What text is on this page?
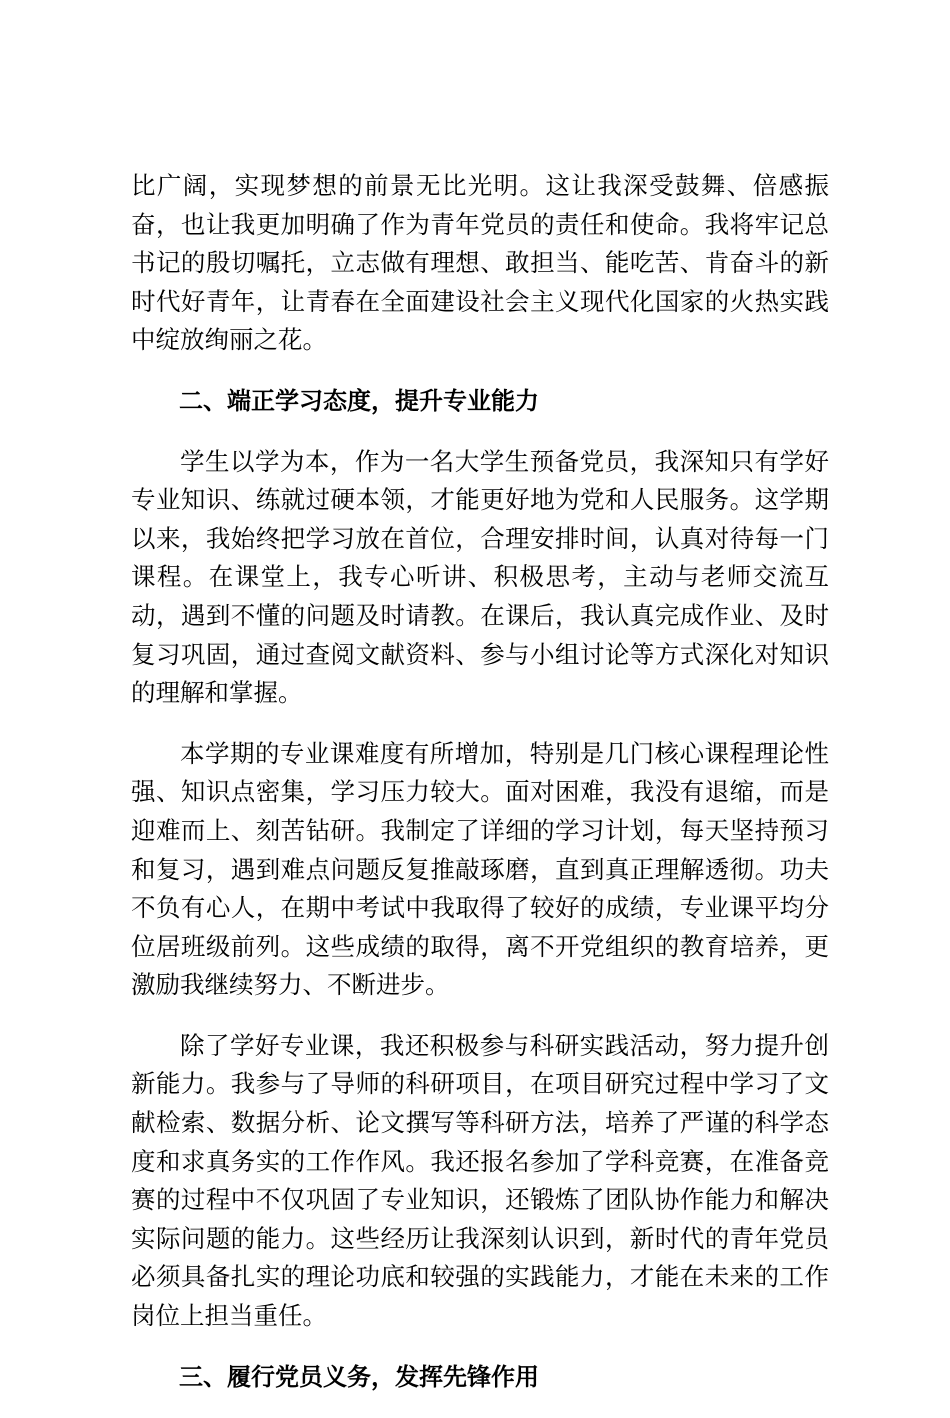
比广阔，实现梦想的前景无比光明。这让我深受鼓舞、倍感振奋，也让我更加明确了作为青年党员的责任和使命。我将牢记总书记的殷切嘱托，立志做有理想、敢担当、能吃苦、肯奋斗的新时代好青年，让青春在全面建设社会主义现代化国家的火热实践中绽放绚丽之花。

二、端正学习态度，提升专业能力

学生以学为本，作为一名大学生预备党员，我深知只有学好专业知识、练就过硬本领，才能更好地为党和人民服务。这学期以来，我始终把学习放在首位，合理安排时间，认真对待每一门课程。在课堂上，我专心听讲、积极思考，主动与老师交流互动，遇到不懂的问题及时请教。在课后，我认真完成作业、及时复习巩固，通过查阅文献资料、参与小组讨论等方式深化对知识的理解和掌握。

本学期的专业课难度有所增加，特别是几门核心课程理论性强、知识点密集，学习压力较大。面对困难，我没有退缩，而是迎难而上、刻苦钻研。我制定了详细的学习计划，每天坚持预习和复习，遇到难点问题反复推敲琢磨，直到真正理解透彻。功夫不负有心人，在期中考试中我取得了较好的成绩，专业课平均分位居班级前列。这些成绩的取得，离不开党组织的教育培养，更激励我继续努力、不断进步。

除了学好专业课，我还积极参与科研实践活动，努力提升创新能力。我参与了导师的科研项目，在项目研究过程中学习了文献检索、数据分析、论文撰写等科研方法，培养了严谨的科学态度和求真务实的工作作风。我还报名参加了学科竞赛，在准备竞赛的过程中不仅巩固了专业知识，还锻炼了团队协作能力和解决实际问题的能力。这些经历让我深刻认识到，新时代的青年党员必须具备扎实的理论功底和较强的实践能力，才能在未来的工作岗位上担当重任。

三、履行党员义务，发挥先锋作用
